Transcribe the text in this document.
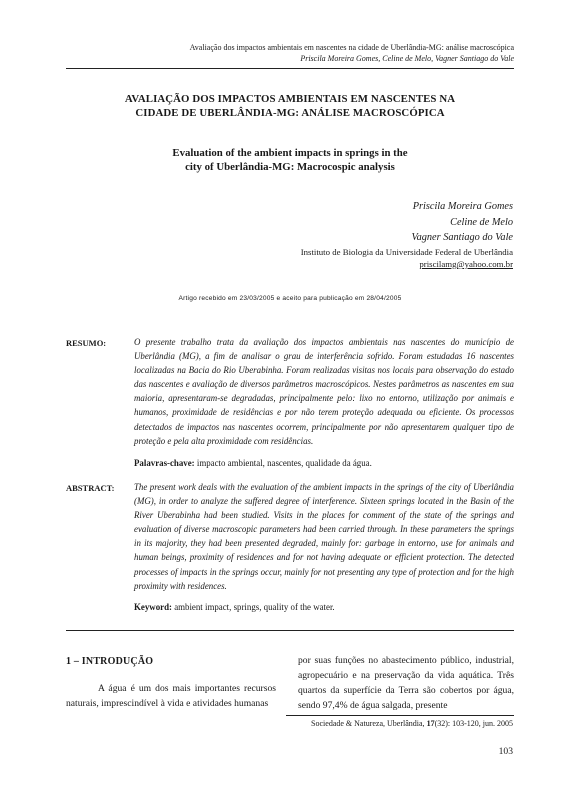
Avaliação dos impactos ambientais em nascentes na cidade de Uberlândia-MG: análise macroscópica
Priscila Moreira Gomes, Celine de Melo, Vagner Santiago do Vale
AVALIAÇÃO DOS IMPACTOS AMBIENTAIS EM NASCENTES NA
CIDADE DE UBERLÂNDIA-MG: ANÁLISE MACROSCÓPICA
Evaluation of the ambient impacts in springs in the
city of Uberlândia-MG: Macrocospic analysis
Priscila Moreira Gomes
Celine de Melo
Vagner Santiago do Vale
Instituto de Biologia da Universidade Federal de Uberlândia
priscilamg@yahoo.com.br
Artigo recebido em 23/03/2005 e aceito para publicação em 28/04/2005
RESUMO:	O presente trabalho trata da avaliação dos impactos ambientais nas nascentes do município de Uberlândia (MG), a fim de analisar o grau de interferência sofrido. Foram estudadas 16 nascentes localizadas na Bacia do Rio Uberabinha. Foram realizadas visitas nos locais para observação do estado das nascentes e avaliação de diversos parâmetros macroscópicos. Nestes parâmetros as nascentes em sua maioria, apresentaram-se degradadas, principalmente pelo: lixo no entorno, utilização por animais e humanos, proximidade de residências e por não terem proteção adequada ou eficiente. Os processos detectados de impactos nas nascentes ocorrem, principalmente por não apresentarem qualquer tipo de proteção e pela alta proximidade com residências.
Palavras-chave: impacto ambiental, nascentes, qualidade da água.
ABSTRACT: The present work deals with the evaluation of the ambient impacts in the springs of the city of Uberlândia (MG), in order to analyze the suffered degree of interference. Sixteen springs located in the Basin of the River Uberabinha had been studied. Visits in the places for comment of the state of the springs and evaluation of diverse macroscopic parameters had been carried through. In these parameters the springs in its majority, they had been presented degraded, mainly for: garbage in entorno, use for animals and human beings, proximity of residences and for not having adequate or efficient protection. The detected processes of impacts in the springs occur, mainly for not presenting any type of protection and for the high proximity with residences.
Keyword: ambient impact, springs, quality of the water.
1 – INTRODUÇÃO
A água é um dos mais importantes recursos naturais, imprescindível à vida e atividades humanas
por suas funções no abastecimento público, industrial, agropecuário e na preservação da vida aquática. Três quartos da superfície da Terra são cobertos por água, sendo 97,4% de água salgada, presente
Sociedade & Natureza, Uberlândia, 17(32): 103-120, jun. 2005
103
